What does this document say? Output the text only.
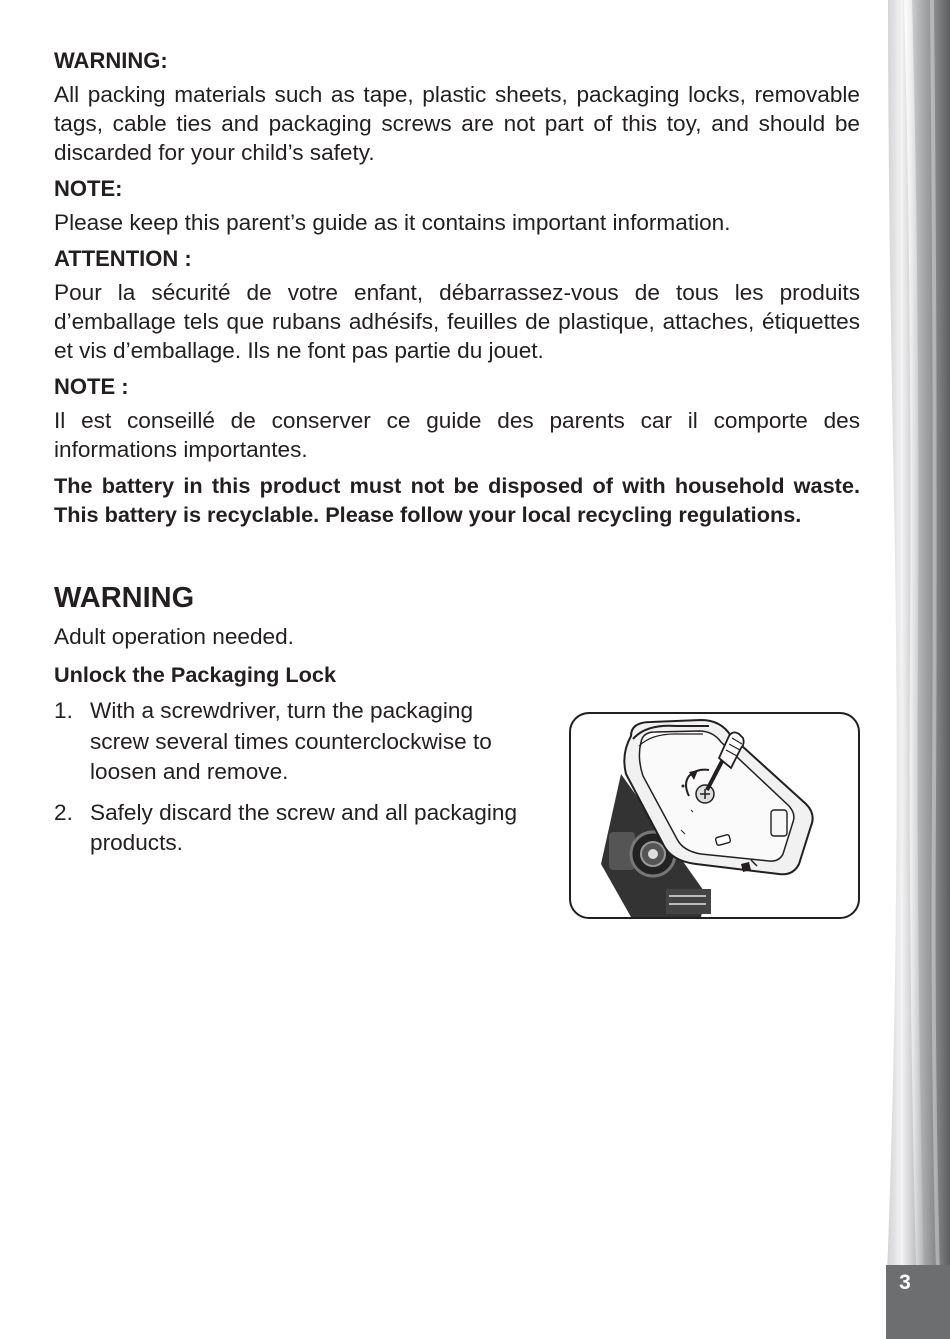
WARNING:

All packing materials such as tape, plastic sheets, packaging locks, removable tags, cable ties and packaging screws are not part of this toy, and should be discarded for your child’s safety.

NOTE:

Please keep this parent’s guide as it contains important information.

ATTENTION :

Pour la sécurité de votre enfant, débarrassez-vous de tous les produits d’emballage tels que rubans adhésifs, feuilles de plastique, attaches, étiquettes et vis d’emballage. Ils ne font pas partie du jouet.

NOTE :

Il est conseillé de conserver ce guide des parents car il comporte des informations importantes.

The battery in this product must not be disposed of with household waste. This battery is recyclable. Please follow your local recycling regulations.

WARNING

Adult operation needed.

Unlock the Packaging Lock
1. With a screwdriver, turn the packaging screw several times counterclockwise to loosen and remove.
2. Safely discard the screw and all packaging products.
3
